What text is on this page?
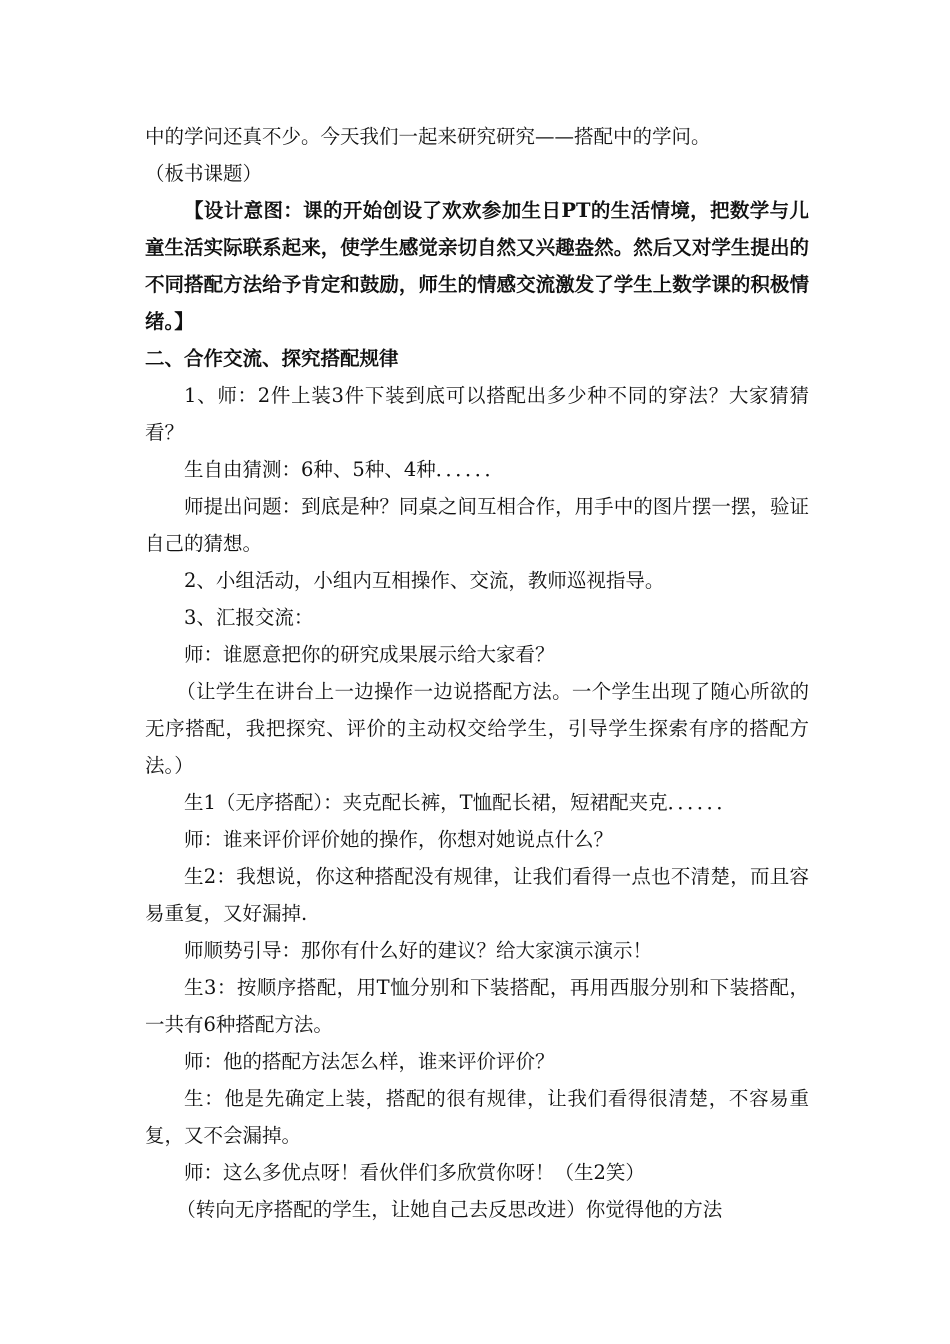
中的学问还真不少。今天我们一起来研究研究——搭配中的学问。

（板书课题）

【设计意图：课的开始创设了欢欢参加生日PT的生活情境，把数学与儿童生活实际联系起来，使学生感觉亲切自然又兴趣盎然。然后又对学生提出的不同搭配方法给予肯定和鼓励，师生的情感交流激发了学生上数学课的积极情绪。】

二、合作交流、探究搭配规律

1、师：2件上装3件下装到底可以搭配出多少种不同的穿法？大家猜猜看？

生自由猜测：6种、5种、4种．．．．．．

师提出问题：到底是种？同桌之间互相合作，用手中的图片摆一摆，验证自己的猜想。

2、小组活动，小组内互相操作、交流，教师巡视指导。

3、汇报交流：

师：谁愿意把你的研究成果展示给大家看？

（让学生在讲台上一边操作一边说搭配方法。一个学生出现了随心所欲的无序搭配，我把探究、评价的主动权交给学生，引导学生探索有序的搭配方法。）

生1（无序搭配）：夹克配长裤，T恤配长裙，短裙配夹克．．．．．．

师：谁来评价评价她的操作，你想对她说点什么？

生2：我想说，你这种搭配没有规律，让我们看得一点也不清楚，而且容易重复，又好漏掉.

师顺势引导：那你有什么好的建议？给大家演示演示！

生3：按顺序搭配，用T恤分别和下装搭配，再用西服分别和下装搭配，一共有6种搭配方法。

师：他的搭配方法怎么样，谁来评价评价？

生：他是先确定上装，搭配的很有规律，让我们看得很清楚，不容易重复，又不会漏掉。

师：这么多优点呀！看伙伴们多欣赏你呀！（生2笑）

（转向无序搭配的学生，让她自己去反思改进）你觉得他的方法
